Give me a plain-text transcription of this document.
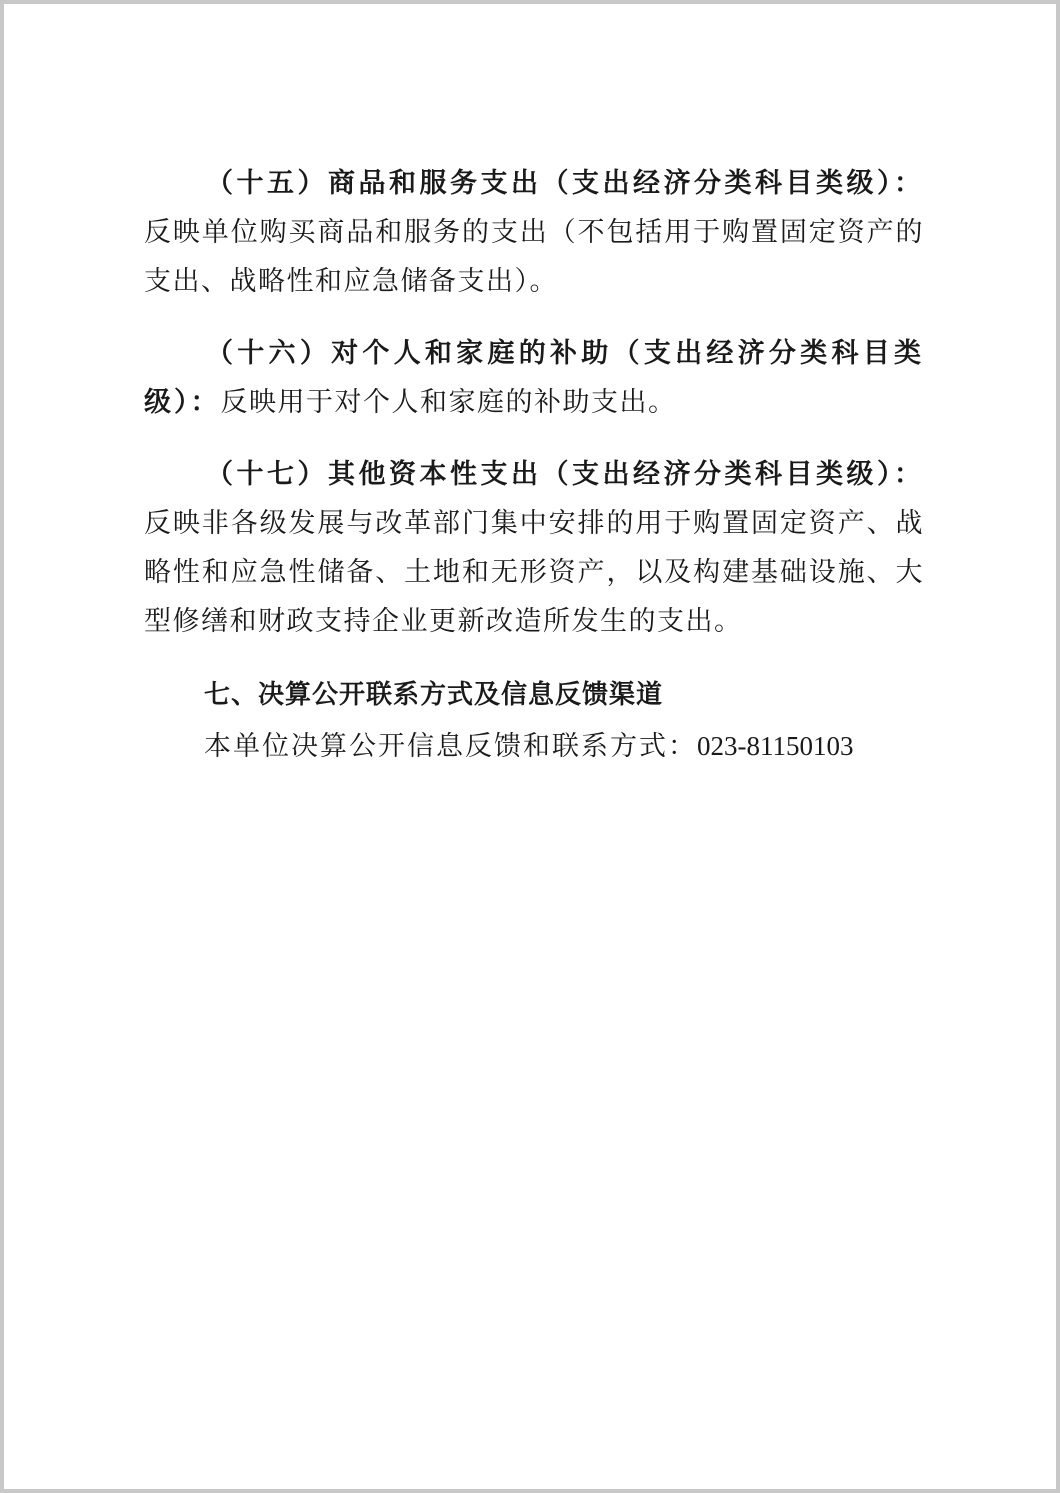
（十五）商品和服务支出（支出经济分类科目类级）：反映单位购买商品和服务的支出（不包括用于购置固定资产的支出、战略性和应急储备支出）。

（十六）对个人和家庭的补助（支出经济分类科目类级）：反映用于对个人和家庭的补助支出。

（十七）其他资本性支出（支出经济分类科目类级）：反映非各级发展与改革部门集中安排的用于购置固定资产、战略性和应急性储备、土地和无形资产，以及构建基础设施、大型修缮和财政支持企业更新改造所发生的支出。

七、决算公开联系方式及信息反馈渠道

本单位决算公开信息反馈和联系方式：023-81150103
